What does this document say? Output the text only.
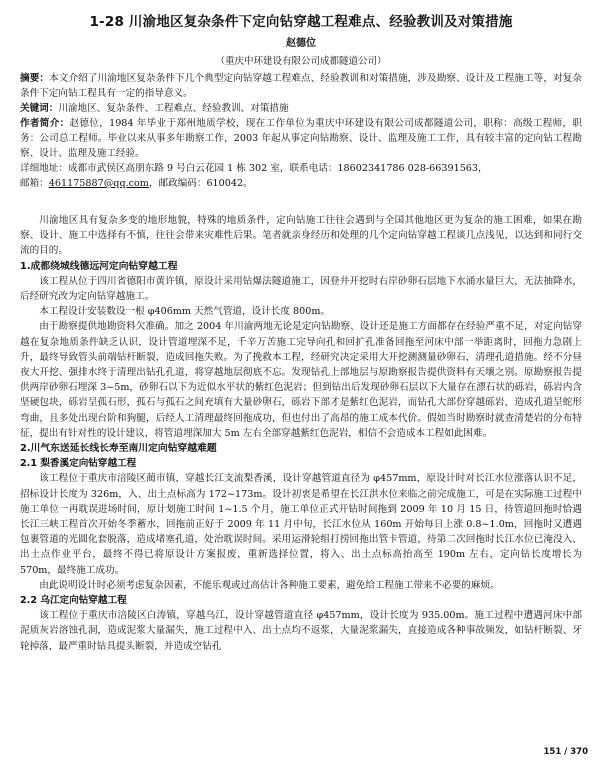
1-28 川渝地区复杂条件下定向钻穿越工程难点、经验教训及对策措施
赵德位
（重庆中环建设有限公司成都隧道公司）

摘要：本文介绍了川渝地区复杂条件下几个典型定向钻穿越工程难点、经验教训和对策措施，涉及勘察、设计及工程施工等，对复杂条件下定向钻工程具有一定的指导意义。

关键词：川渝地区、复杂条件、工程难点、经验教训、对策措施

作者简介：赵德位，1984 年毕业于郑州地质学校，现在工作单位为重庆中环建设有限公司成都隧道公司，职称：高级工程师，职务：公司总工程师。毕业以来从事多年勘察工作，2003 年起从事定向钻勘察、设计、监理及施工工作，具有较丰富的定向钻工程勘察、设计、监理及施工经验。

详细地址：成都市武侯区高朋东路 9 号白云花园 1 栋 302 室，联系电话：18602341786 028-66391563，

邮箱：461175887@qq.com，邮政编码：610042。

川渝地区具有复杂多变的地形地貌，特殊的地质条件，定向钻施工往往会遇到与全国其他地区更为复杂的施工困难，如果在勘察、设计、施工中选择有不慎，往往会带来灾难性后果。笔者就亲身经历和处理的几个定向钻穿越工程谈几点浅见，以达到和同行交流的目的。

1.成都绕城线德远河定向钻穿越工程

该工程从位于四川省德阳市黄许镇，原设计采用钻爆法隧道施工，因登井开挖时右岸砂卵石层地下水涌水量巨大，无法抽降水，后经研究改为定向钻穿越施工。

本工程设计安装数设一根 φ406mm 天然气管道，设计长度 800m。

由于勘察提供地勘资料欠准确。加之 2004 年川渝两地无论是定向钻勘察、设计还是施工方面都存在经验严重不足，对定向钻穿越在复杂地质条件缺乏认识，设计管道埋深不足，千辛万苦施工完导向孔和回扩孔准备回拖至河床中部一举距离时，回拖力急剧上升，最终导致管头前端钻杆断裂，造成回拖失败。为了挽救本工程，经研究决定采用大开挖测测量砂卵石，清理孔道措施。经不分昼夜大开挖、强排水终于清理出钻孔孔道，将穿越地层彻底不忘。发现钻孔上部地层与原勘察报告提供资料有天壤之别。原勘察报告提供两岸砂卵石埋深 3~5m，砂卵石以下为近似水平状的紫红色泥岩；但到钻出后发现砂卵石层以下大量存在漂石状的砾岩，砾岩内含坚硬包块，砾岩呈孤石形，孤石与孤石之间充填有大量砂卵石，砾岩下部才是紫红色泥岩，而钻孔大部份穿越砾岩，造成孔道呈蛇形弯曲，且多处出现台阶和狗腿，后经人工清理最终回拖成功，但也付出了高昂的施工成本代价。假如当时勘察时就查清楚岩的分布特征，提出有针对性的设计建议，将管道埋深加大 5m 左右全部穿越紫红色泥岩，相信不会造成本工程如此困难。

2.川气东送延长线长寿至南川定向钻穿越难题
2.1 梨香溪定向钻穿越工程

该工程位于重庆市涪陵区蔺市镇，穿越长江支流梨香溪，设计穿越管道直径为 φ457mm，原设计时对长江水位涨落认识不足，招标设计长度为 326m，入、出土点标高为 172~173m。设计初衷是希望在长江洪水位来临之前完成施工，可是在实际施工过程中施工单位一再耽误进场时间，原计划施工时间 1~1.5 个月，施工单位正式开钻时间拖到 2009 年 10 月 15 日，待管道回拖时恰遇长江三峡工程首次开始冬季蓄水，回拖前正好于 2009 年 11 月中旬，长江水位从 160m 开始每日上涨 0.8~1.0m，回拖时又遭遇包裹管道的光圆化套脱落，造成堵塞孔道，处治耽误时间。采用运滑轮组打捞回拖出管卡管道，待第二次回拖时长江水位已淹没入、出土点作业平台，最终不得已将原设计方案报废，重新选择位置，将入、出土点标高抬高至 190m 左右，定向钻长度增长为 570m，最终施工成功。

由此说明设计时必须考虑复杂因素，不能乐观或过高估计各种施工要素，避免给工程施工带来不必要的麻烦。

2.2 乌江定向钻穿越工程

该工程位于重庆市涪陵区白涛镇，穿越乌江，设计穿越管道直径 φ457mm，设计长度为 935.00m。施工过程中遭遇河床中部泥质灰岩溶蚀孔洞，造成泥浆大量漏失，施工过程中入、出土点均不返浆，大量泥浆漏失，直接造成各种事故频发，如钻杆断裂、牙轮掉落，最严重时钻具提头断裂，并造成空钻孔

151 / 370
